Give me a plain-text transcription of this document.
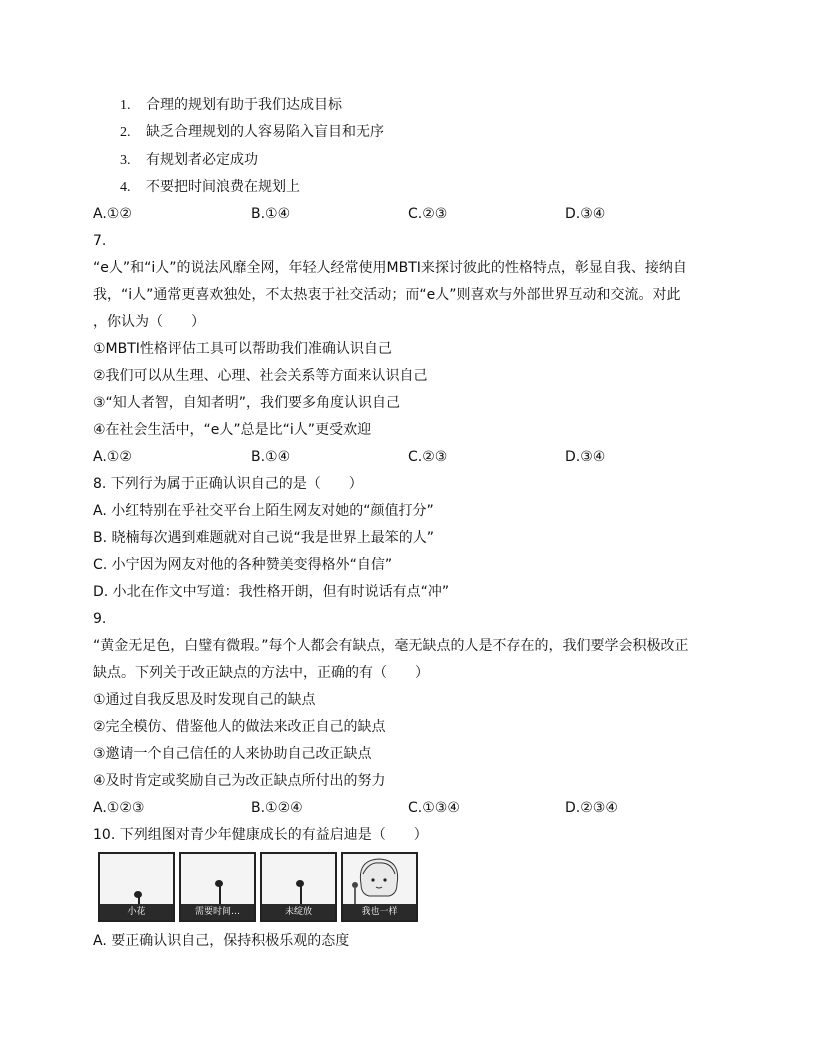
1. 合理的规划有助于我们达成目标
2. 缺乏合理规划的人容易陷入盲目和无序
3. 有规划者必定成功
4. 不要把时间浪费在规划上
A.①②	B.①④	C.②③	D.③④
7.
“e人”和“i人”的说法风靡全网，年轻人经常使用MBTI来探讨彼此的性格特点，彰显自我、接纳自
我，“i人”通常更喜欢独处，不太热衷于社交活动；而“e人”则喜欢与外部世界互动和交流。对此
，你认为（　　）
①MBTI性格评估工具可以帮助我们准确认识自己
②我们可以从生理、心理、社会关系等方面来认识自己
③“知人者智，自知者明”，我们要多角度认识自己
④在社会生活中，“e人”总是比“i人”更受欢迎
A.①②	B.①④	C.②③	D.③④
8. 下列行为属于正确认识自己的是（　　）
A. 小红特别在乎社交平台上陌生网友对她的“颜值打分”
B. 晓楠每次遇到难题就对自己说“我是世界上最笨的人”
C. 小宁因为网友对他的各种赞美变得格外“自信”
D. 小北在作文中写道：我性格开朗，但有时说话有点“冲”
9.
“黄金无足色，白璧有微瑕。”每个人都会有缺点，毫无缺点的人是不存在的，我们要学会积极改正
缺点。下列关于改正缺点的方法中，正确的有（　　）
①通过自我反思及时发现自己的缺点
②完全模仿、借鉴他人的做法来改正自己的缺点
③邀请一个自己信任的人来协助自己改正缺点
④及时肯定或奖励自己为改正缺点所付出的努力
A.①②③	B.①②④	C.①③④	D.②③④
10. 下列组图对青少年健康成长的有益启迪是（　　）
小花	需要时间…	未绽放	我也一样
A. 要正确认识自己，保持积极乐观的态度
